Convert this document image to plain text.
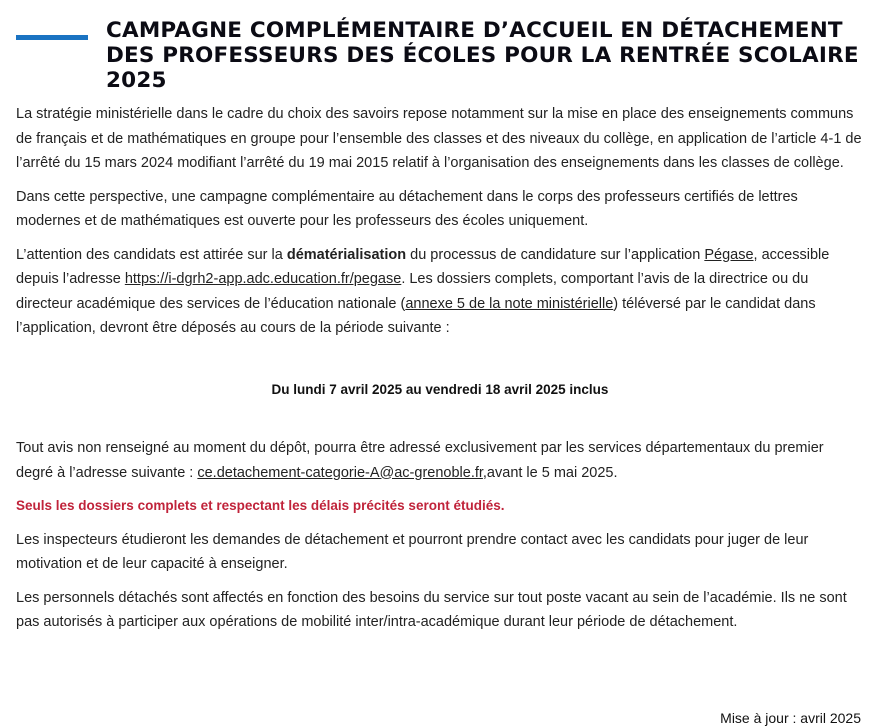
CAMPAGNE COMPLÉMENTAIRE D’ACCUEIL EN DÉTACHEMENT DES PROFESSEURS DES ÉCOLES POUR LA RENTRÉE SCOLAIRE 2025

La stratégie ministérielle dans le cadre du choix des savoirs repose notamment sur la mise en place des enseignements communs de français et de mathématiques en groupe pour l’ensemble des classes et des niveaux du collège, en application de l’article 4-1 de l’arrêté du 15 mars 2024 modifiant l’arrêté du 19 mai 2015 relatif à l’organisation des enseignements dans les classes de collège.

Dans cette perspective, une campagne complémentaire au détachement dans le corps des professeurs certifiés de lettres modernes et de mathématiques est ouverte pour les professeurs des écoles uniquement.

L’attention des candidats est attirée sur la dématérialisation du processus de candidature sur l’application Pégase, accessible depuis l’adresse https://i-dgrh2-app.adc.education.fr/pegase. Les dossiers complets, comportant l’avis de la directrice ou du directeur académique des services de l’éducation nationale (annexe 5 de la note ministérielle) téléversé par le candidat dans l’application, devront être déposés au cours de la période suivante :

Du lundi 7 avril 2025 au vendredi 18 avril 2025 inclus

Tout avis non renseigné au moment du dépôt, pourra être adressé exclusivement par les services départementaux du premier degré à l’adresse suivante : ce.detachement-categorie-A@ac-grenoble.fr,avant le 5 mai 2025.

Seuls les dossiers complets et respectant les délais précités seront étudiés.

Les inspecteurs étudieront les demandes de détachement et pourront prendre contact avec les candidats pour juger de leur motivation et de leur capacité à enseigner.

Les personnels détachés sont affectés en fonction des besoins du service sur tout poste vacant au sein de l’académie. Ils ne sont pas autorisés à participer aux opérations de mobilité inter/intra-académique durant leur période de détachement.

Mise à jour : avril 2025
